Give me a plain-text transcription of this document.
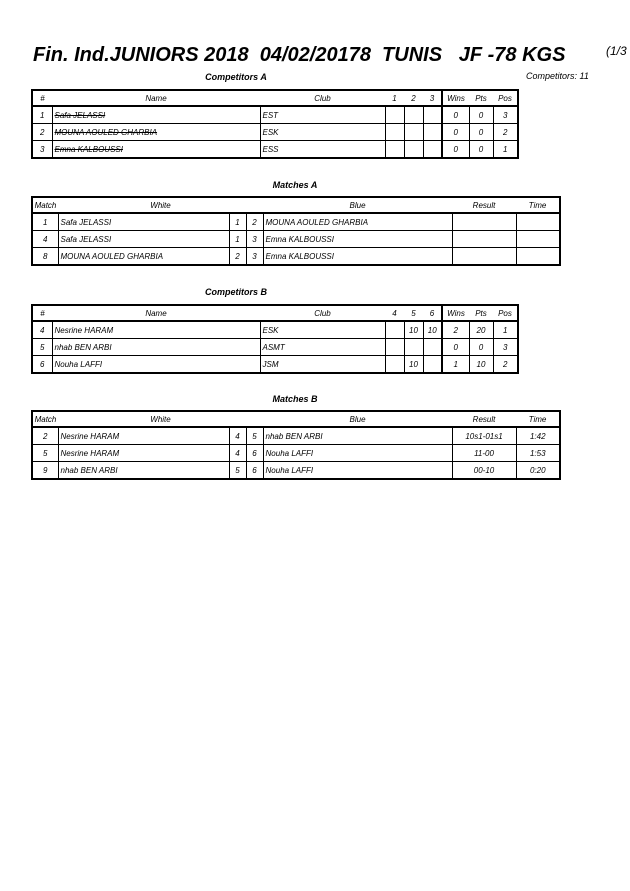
Fin. Ind.JUNIORS 2018  04/02/20178  TUNIS   JF -78 KGS	(1/3
Competitors: 11
Competitors A
#	Name	Club	1	2	3	Wins	Pts	Pos
1	Safa JELASSI	EST				0	0	3
2	MOUNA AOULED GHARBIA	ESK				0	0	2
3	Emna KALBOUSSI	ESS				0	0	1
Matches A
Match	White			Blue	Result	Time
1	Safa JELASSI	1	2	MOUNA AOULED GHARBIA		
4	Safa JELASSI	1	3	Emna KALBOUSSI		
8	MOUNA AOULED GHARBIA	2	3	Emna KALBOUSSI		
Competitors B
#	Name	Club	4	5	6	Wins	Pts	Pos
4	Nesrine HARAM	ESK		10	10	2	20	1
5	nhab BEN ARBI	ASMT				0	0	3
6	Nouha LAFFI	JSM		10		1	10	2
Matches B
Match	White			Blue	Result	Time
2	Nesrine HARAM	4	5	nhab BEN ARBI	10s1-01s1	1:42
5	Nesrine HARAM	4	6	Nouha LAFFI	11-00	1:53
9	nhab BEN ARBI	5	6	Nouha LAFFI	00-10	0:20
